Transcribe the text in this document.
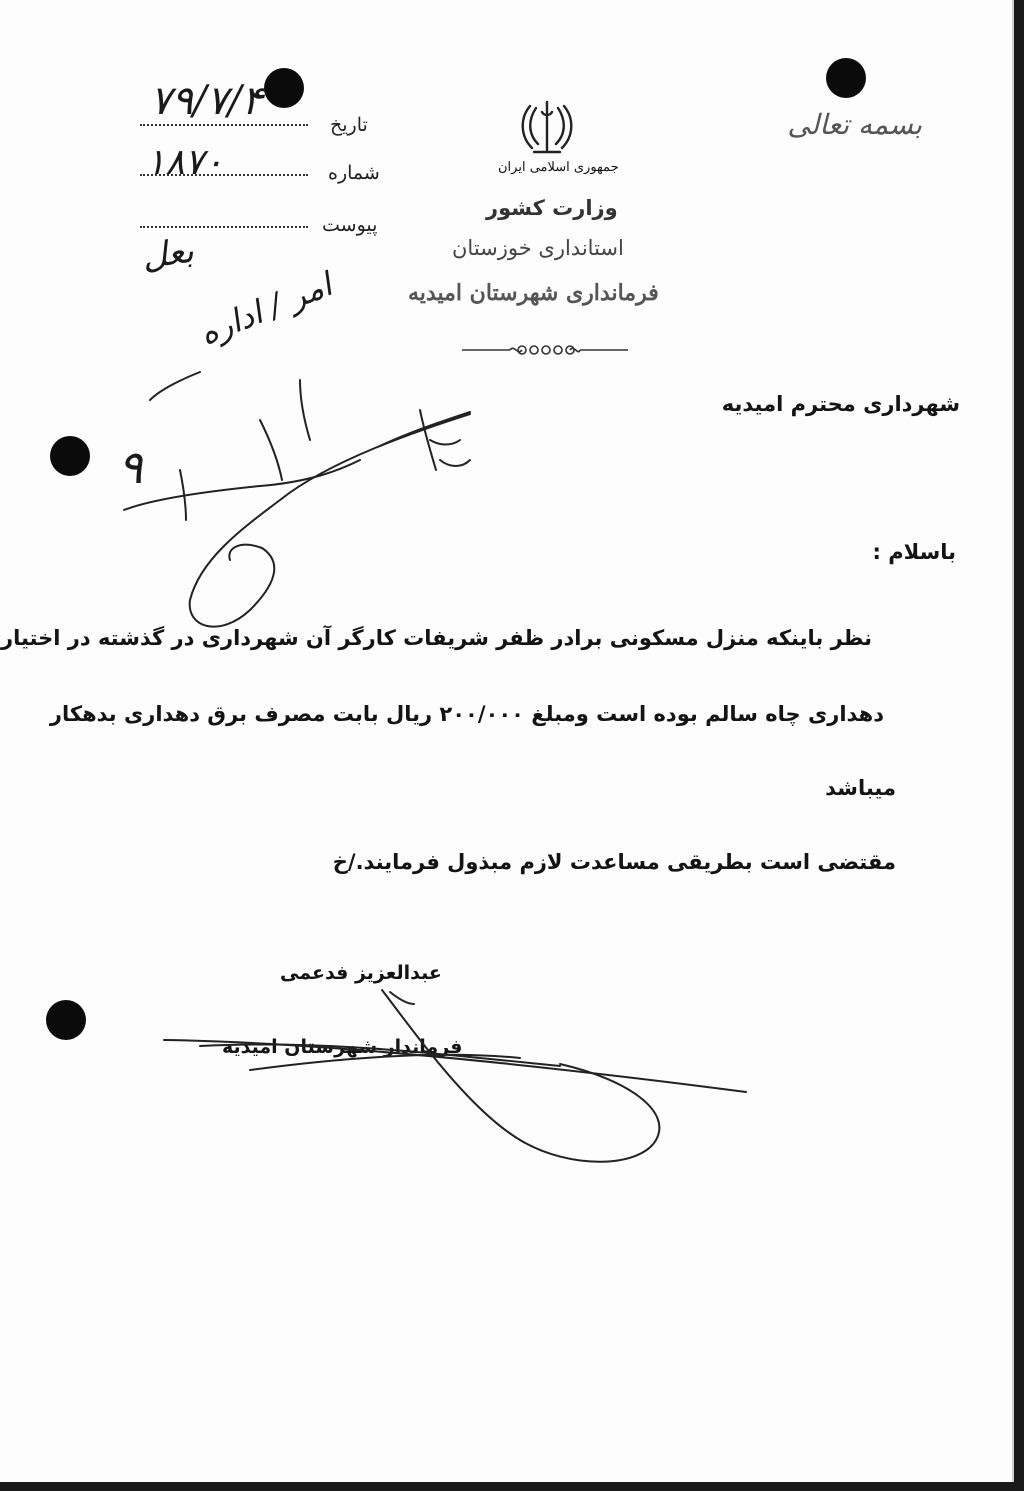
بسمه تعالی
جمهوری اسلامی ایران
وزارت کشور
استانداری خوزستان
فرمانداری شهرستان امیدیه
تاریخ
شماره
پیوست
۷۹/۷/۴
۱۸۷۰
بعل
امر / اداره
۹
شهرداری محترم امیدیه
باسلام :
نظر باینکه منزل مسکونی برادر ظفر شریفات کارگر آن شهرداری در گذشته در اختیار
دهداری چاه سالم بوده است ومبلغ ۲۰۰/۰۰۰ ریال بابت مصرف برق دهداری بدهکار
میباشد
مقتضی است بطریقی مساعدت لازم مبذول فرمایند./خ
عبدالعزیز فدعمی
فرماندار شهرستان امیدیه
